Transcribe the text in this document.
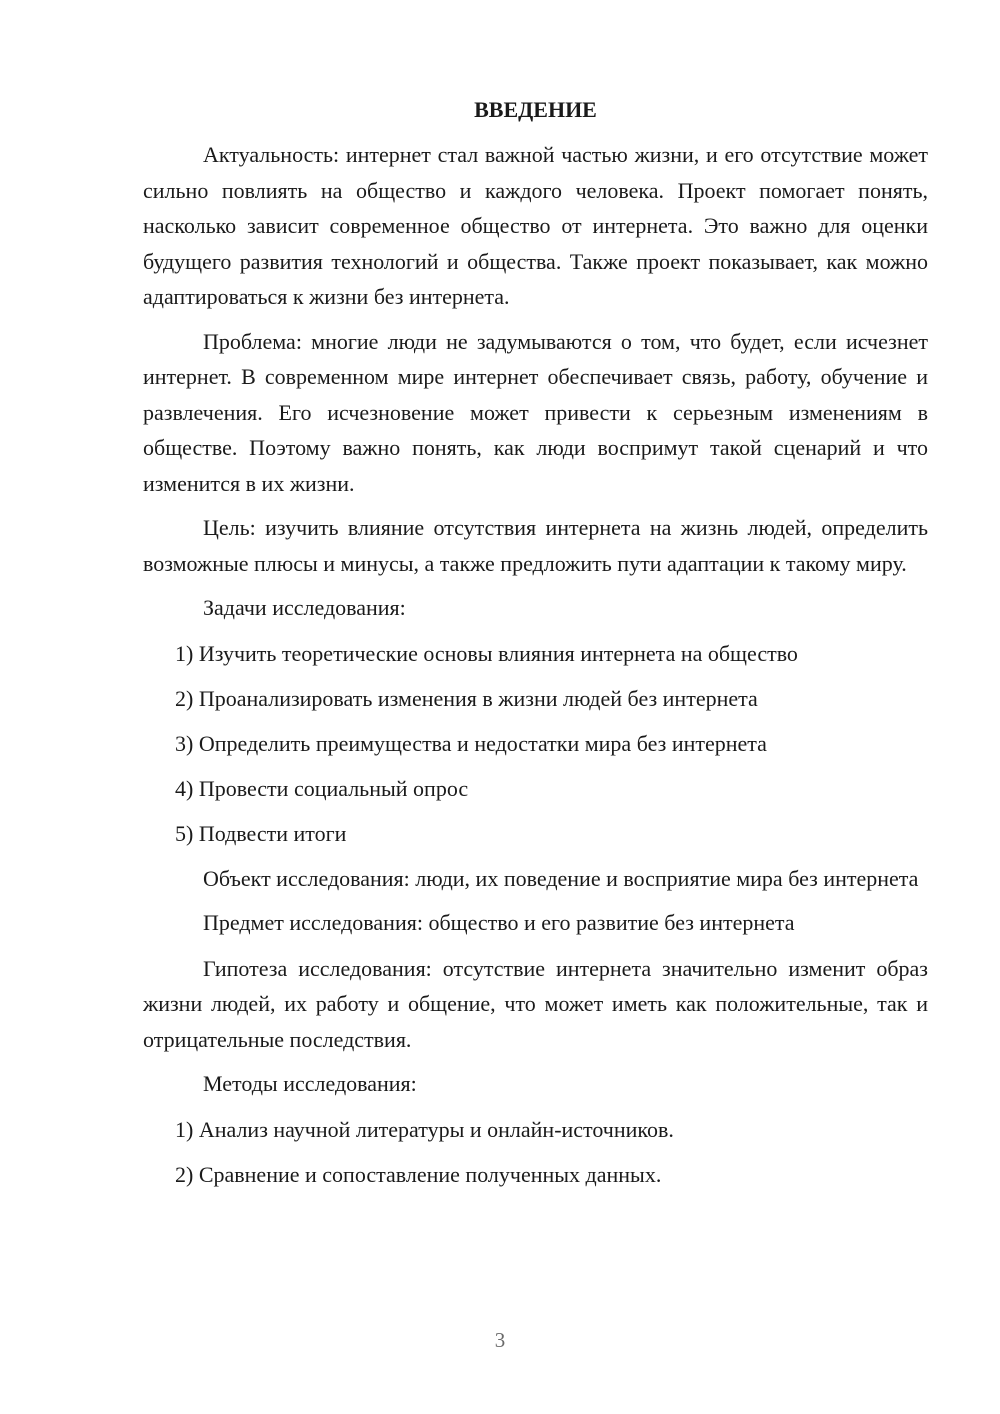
ВВЕДЕНИЕ

Актуальность: интернет стал важной частью жизни, и его отсутствие может сильно повлиять на общество и каждого человека. Проект помогает понять, насколько зависит современное общество от интернета. Это важно для оценки будущего развития технологий и общества. Также проект показывает, как можно адаптироваться к жизни без интернета.

Проблема: многие люди не задумываются о том, что будет, если исчезнет интернет. В современном мире интернет обеспечивает связь, работу, обучение и развлечения. Его исчезновение может привести к серьезным изменениям в обществе. Поэтому важно понять, как люди воспримут такой сценарий и что изменится в их жизни.

Цель: изучить влияние отсутствия интернета на жизнь людей, определить возможные плюсы и минусы, а также предложить пути адаптации к такому миру.

Задачи исследования:

1) Изучить теоретические основы влияния интернета на общество
2) Проанализировать изменения в жизни людей без интернета
3) Определить преимущества и недостатки мира без интернета
4) Провести социальный опрос
5) Подвести итоги

Объект исследования: люди, их поведение и восприятие мира без интернета

Предмет исследования: общество и его развитие без интернета

Гипотеза исследования: отсутствие интернета значительно изменит образ жизни людей, их работу и общение, что может иметь как положительные, так и отрицательные последствия.

Методы исследования:

1) Анализ научной литературы и онлайн-источников.
2) Сравнение и сопоставление полученных данных.
3
